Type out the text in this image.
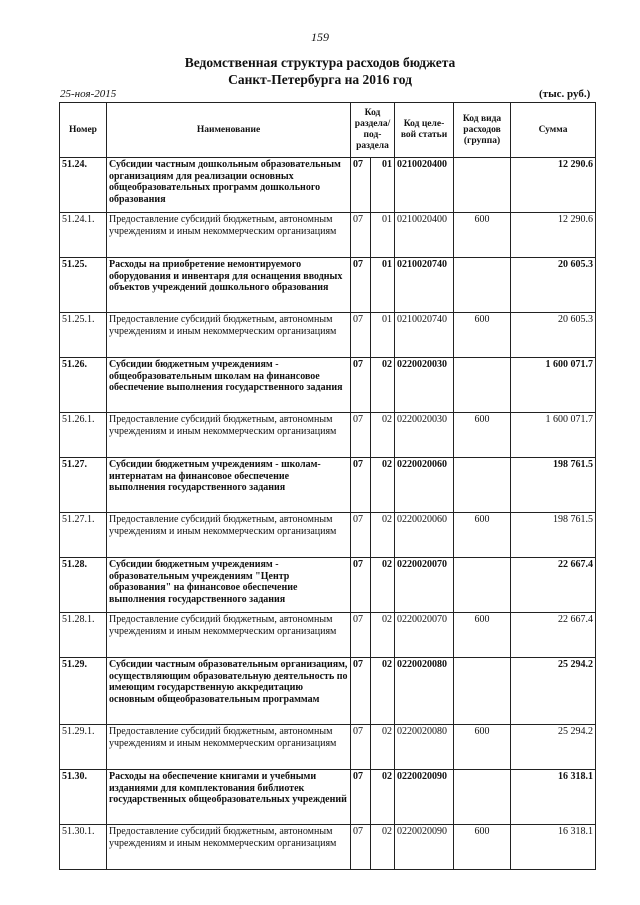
159
Ведомственная структура расходов бюджета
Санкт-Петербурга на 2016 год
25-ноя-2015	(тыс. руб.)
Номер	Наименование	Код раздела/ под-раздела		Код целе-вой статьи	Код вида расходов (группа)	Сумма
51.24.	Субсидии частным дошкольным образовательным организациям для реализации основных общеобразовательных программ дошкольного образования	07	01	0210020400		12 290.6
51.24.1.	Предоставление субсидий бюджетным, автономным учреждениям и иным некоммерческим организациям	07	01	0210020400	600	12 290.6
51.25.	Расходы на приобретение немонтируемого оборудования и инвентаря для оснащения вводных объектов учреждений дошкольного образования	07	01	0210020740		20 605.3
51.25.1.	Предоставление субсидий бюджетным, автономным учреждениям и иным некоммерческим организациям	07	01	0210020740	600	20 605.3
51.26.	Субсидии бюджетным учреждениям - общеобразовательным школам на финансовое обеспечение выполнения государственного задания	07	02	0220020030		1 600 071.7
51.26.1.	Предоставление субсидий бюджетным, автономным учреждениям и иным некоммерческим организациям	07	02	0220020030	600	1 600 071.7
51.27.	Субсидии бюджетным учреждениям - школам-интернатам на финансовое обеспечение выполнения государственного задания	07	02	0220020060		198 761.5
51.27.1.	Предоставление субсидий бюджетным, автономным учреждениям и иным некоммерческим организациям	07	02	0220020060	600	198 761.5
51.28.	Субсидии бюджетным учреждениям - образовательным учреждениям "Центр образования" на финансовое обеспечение выполнения государственного задания	07	02	0220020070		22 667.4
51.28.1.	Предоставление субсидий бюджетным, автономным учреждениям и иным некоммерческим организациям	07	02	0220020070	600	22 667.4
51.29.	Субсидии частным образовательным организациям, осуществляющим образовательную деятельность по имеющим государственную аккредитацию основным общеобразовательным программам	07	02	0220020080		25 294.2
51.29.1.	Предоставление субсидий бюджетным, автономным учреждениям и иным некоммерческим организациям	07	02	0220020080	600	25 294.2
51.30.	Расходы на обеспечение книгами и учебными изданиями для комплектования библиотек государственных общеобразовательных учреждений	07	02	0220020090		16 318.1
51.30.1.	Предоставление субсидий бюджетным, автономным учреждениям и иным некоммерческим организациям	07	02	0220020090	600	16 318.1
